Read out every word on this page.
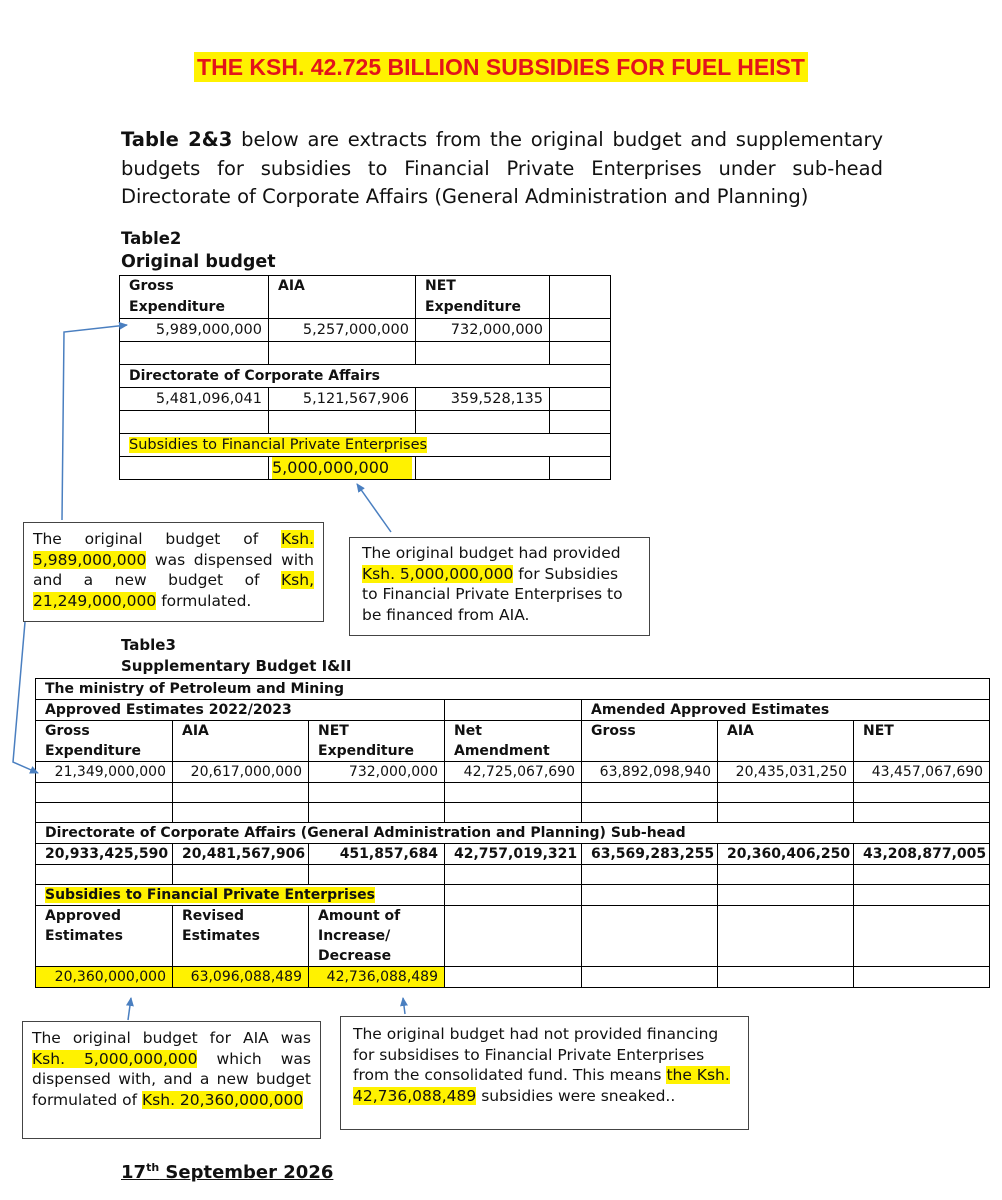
THE KSH. 42.725 BILLION SUBSIDIES FOR FUEL HEIST
Table 2&3 below are extracts from the original budget and supplementary budgets for subsidies to Financial Private Enterprises under sub-head Directorate of Corporate Affairs (General Administration and Planning)
Table2
Original budget
Gross Expenditure	AIA	NET Expenditure	
5,989,000,000	5,257,000,000	732,000,000	

Directorate of Corporate Affairs			
5,481,096,041	5,121,567,906	359,528,135	

Subsidies to Financial Private Enterprises			

	5,000,000,000		

The original budget of Ksh. 5,989,000,000 was dispensed with and a new budget of Ksh, 21,249,000,000 formulated.
The original budget had provided Ksh. 5,000,000,000 for Subsidies to Financial Private Enterprises to be financed from AIA.
Table3
Supplementary Budget I&II
The ministry of Petroleum and Mining						
Approved Estimates 2022/2023				Amended Approved Estimates		
Gross Expenditure	AIA	NET Expenditure	Net Amendment	Gross	AIA	NET
21,349,000,000	20,617,000,000	732,000,000	42,725,067,690	63,892,098,940	20,435,031,250	43,457,067,690

Directorate of Corporate Affairs (General Administration and Planning) Sub-head						
20,933,425,590	20,481,567,906	451,857,684	42,757,019,321	63,569,283,255	20,360,406,250	43,208,877,005

Subsidies to Financial Private Enterprises						
Approved Estimates	Revised Estimates	Amount of Increase/ Decrease				
20,360,000,000	63,096,088,489	42,736,088,489				
The original budget for AIA was Ksh. 5,000,000,000 which was dispensed with, and a new budget formulated of Ksh. 20,360,000,000
The original budget had not provided financing for subsidises to Financial Private Enterprises from the consolidated fund. This means the Ksh. 42,736,088,489 subsidies were sneaked..
17th September 2026
